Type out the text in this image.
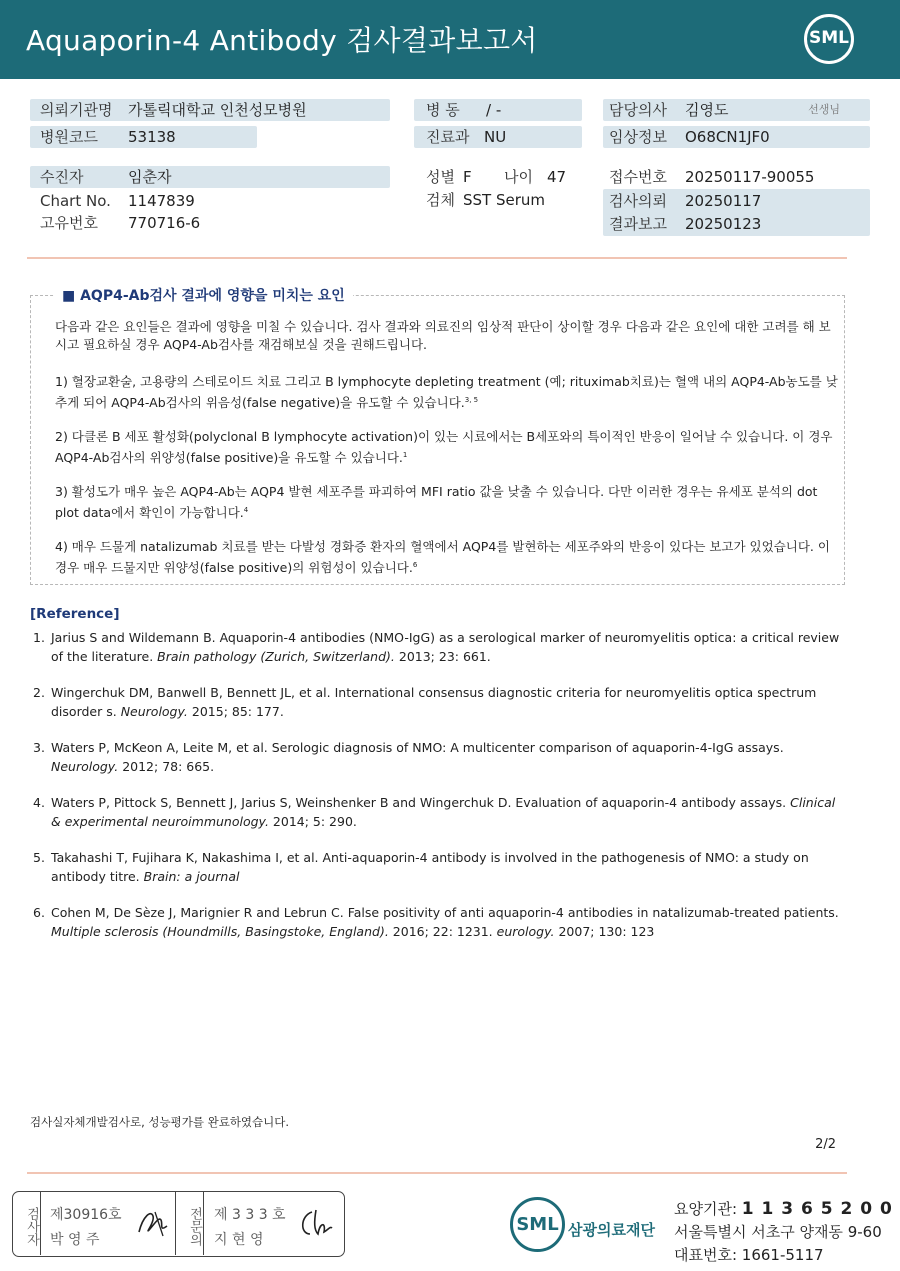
Aquaporin-4 Antibody 검사결과보고서	SML
의뢰기관명 가톨릭대학교 인천성모병원
병원코드 53138
수진자	임춘자
Chart No. 1147839
고유번호 770716-6
병 동 / -
진료과 NU
성별 F 나이 47
검체 SST Serum
담당의사 김영도	선생님
임상정보 O68CN1JF0
접수번호 20250117-90055
검사의뢰 20250117
결과보고 20250123
■ AQP4-Ab검사 결과에 영향을 미치는 요인
다음과 같은 요인들은 결과에 영향을 미칠 수 있습니다. 검사 결과와 의료진의 임상적 판단이 상이할 경우 다음과 같은 요인에 대한 고려를 해 보시고 필요하실 경우 AQP4-Ab검사를 재검해보실 것을 권해드립니다.
1) 혈장교환술, 고용량의 스테로이드 치료 그리고 B lymphocyte depleting treatment (예; rituximab치료)는 혈액 내의 AQP4-Ab농도를 낮추게 되어 AQP4-Ab검사의 위음성(false negative)을 유도할 수 있습니다.$^{3, 5}$
2) 다클론 B 세포 활성화(polyclonal B lymphocyte activation)이 있는 시료에서는 B세포와의 특이적인 반응이 일어날 수 있습니다. 이 경우 AQP4-Ab검사의 위양성(false positive)을 유도할 수 있습니다.$^1$
3) 활성도가 매우 높은 AQP4-Ab는 AQP4 발현 세포주를 파괴하여 MFI ratio 값을 낮출 수 있습니다. 다만 이러한 경우는 유세포 분석의 dot plot data에서 확인이 가능합니다.$^4$
4) 매우 드물게 natalizumab 치료를 받는 다발성 경화증 환자의 혈액에서 AQP4를 발현하는 세포주와의 반응이 있다는 보고가 있었습니다. 이 경우 매우 드물지만 위양성(false positive)의 위험성이 있습니다.$^6$
[Reference]
1. Jarius S and Wildemann B. Aquaporin-4 antibodies (NMO-IgG) as a serological marker of neuromyelitis optica: a critical review of the literature. Brain pathology (Zurich, Switzerland). 2013; 23: 661.
2. Wingerchuk DM, Banwell B, Bennett JL, et al. International consensus diagnostic criteria for neuromyelitis optica spectrum disorder s. Neurology. 2015; 85: 177.
3. Waters P, McKeon A, Leite M, et al. Serologic diagnosis of NMO: A multicenter comparison of aquaporin-4-IgG assays. Neurology. 2012; 78: 665.
4. Waters P, Pittock S, Bennett J, Jarius S, Weinshenker B and Wingerchuk D. Evaluation of aquaporin-4 antibody assays. Clinical & experimental neuroimmunology. 2014; 5: 290.
5. Takahashi T, Fujihara K, Nakashima I, et al. Anti-aquaporin-4 antibody is involved in the pathogenesis of NMO: a study on antibody titre. Brain: a journal
6. Cohen M, De Sèze J, Marignier R and Lebrun C. False positivity of anti aquaporin-4 antibodies in natalizumab-treated patients. Multiple sclerosis (Houndmills, Basingstoke, England). 2016; 22: 1231. eurology. 2007; 130: 123
검사실자체개발검사로, 성능평가를 완료하였습니다.
2/2
검사자 제30916호
박 영 주	전문의 제 3 3 3 호
지 현 영
SML 삼광의료재단
요양기관: 1 1 3 6 5 2 0 0
서울특별시 서초구 양재동 9-60
대표번호: 1661-5117
